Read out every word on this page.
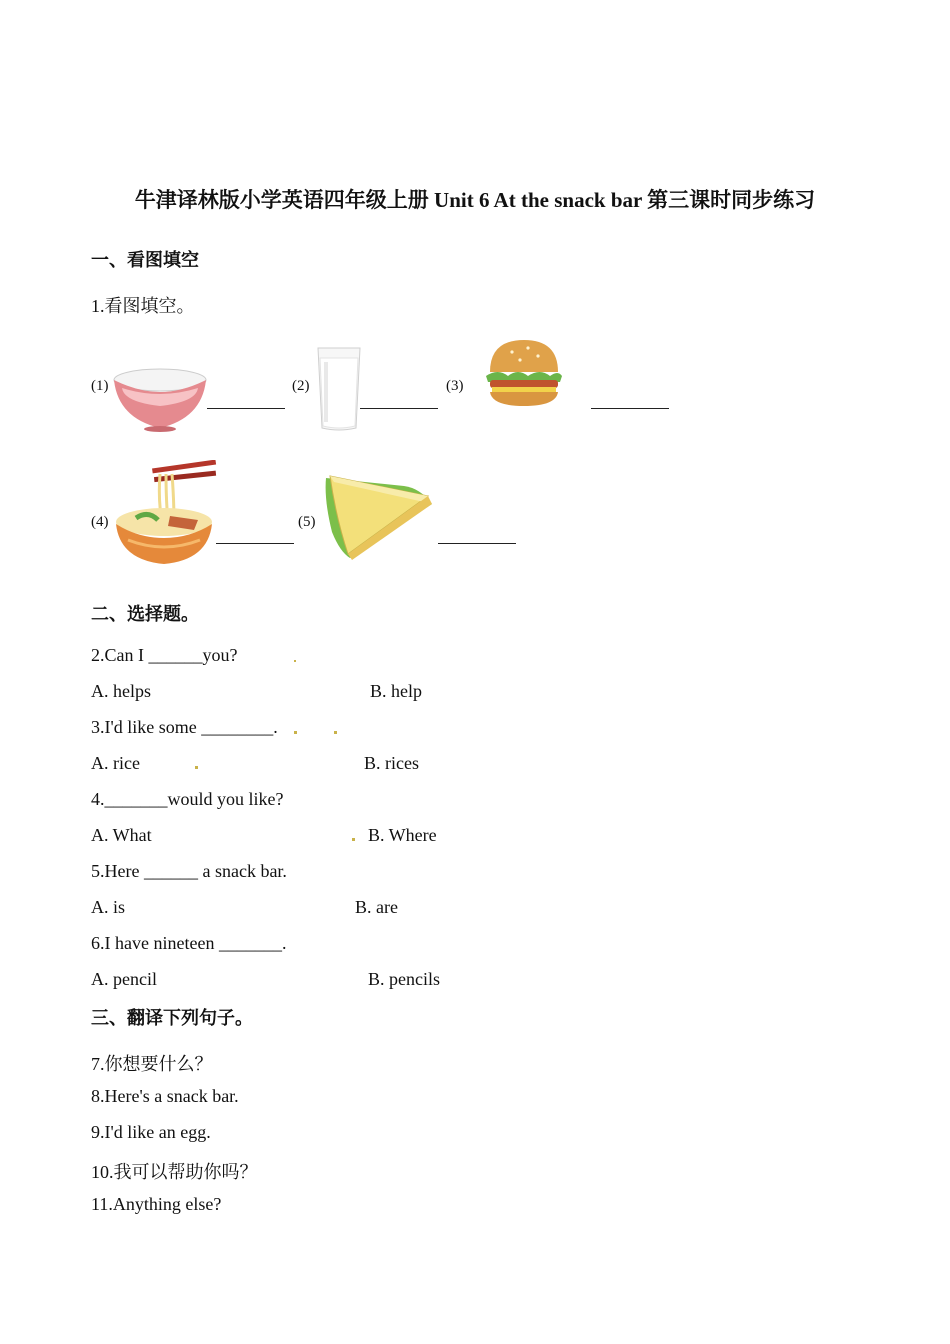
牛津译林版小学英语四年级上册 Unit 6 At the snack bar 第三课时同步练习
一、看图填空
1.看图填空。
(1)	(2)	(3)
(4)	(5)
二、选择题。
2.Can I ______you?
A. helps	B. help
3.I'd like some ________.
A. rice	B. rices
4._______would you like?
A. What	B. Where
5.Here ______ a snack bar.
A. is	B. are
6.I have nineteen _______.
A. pencil	B. pencils
三、翻译下列句子。
7.你想要什么？
8.Here's a snack bar.
9.I'd like an egg.
10.我可以帮助你吗？
11.Anything else?
